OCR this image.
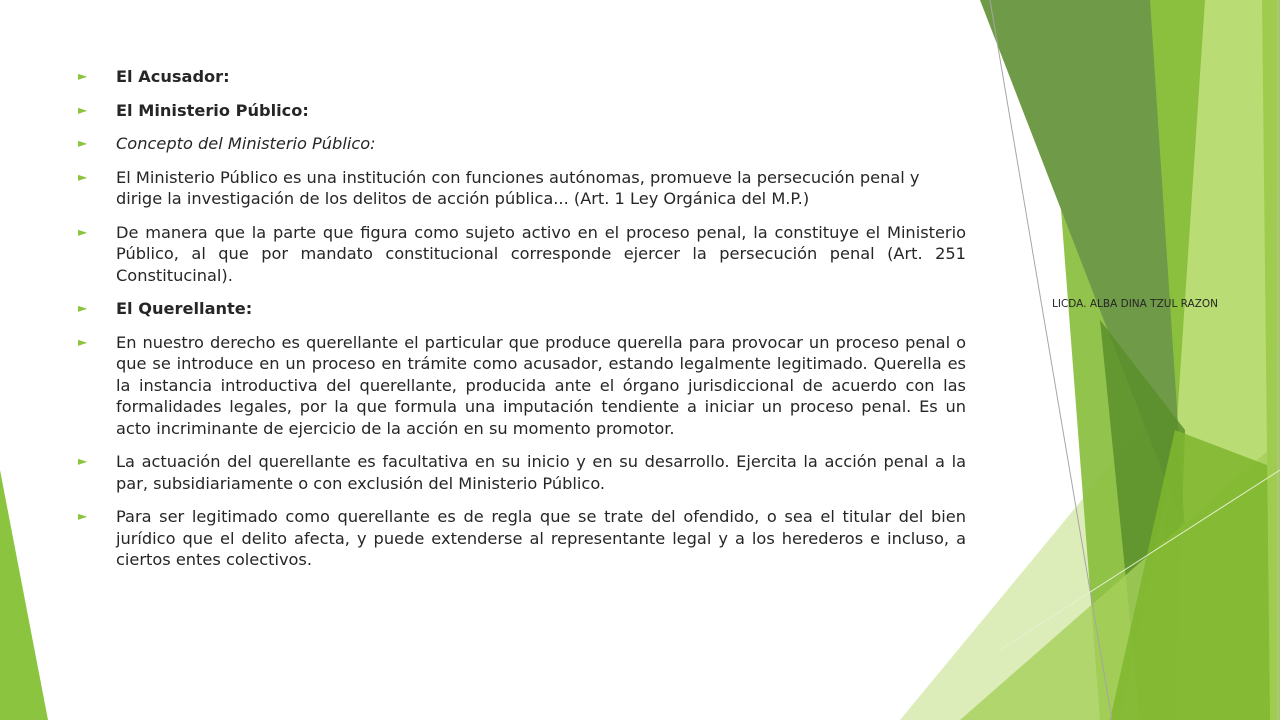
► El Acusador:
► El Ministerio Público:
► Concepto del Ministerio Público:
► El Ministerio Público es una institución con funciones autónomas, promueve la persecución penal y dirige la investigación de los delitos de acción pública... (Art. 1 Ley Orgánica del M.P.)
► De manera que la parte que figura como sujeto activo en el proceso penal, la constituye el Ministerio Público, al que por mandato constitucional corresponde ejercer la persecución penal (Art. 251 Constitucinal).
► El Querellante:
► En nuestro derecho es querellante el particular que produce querella para provocar un proceso penal o que se introduce en un proceso en trámite como acusador, estando legalmente legitimado. Querella es la instancia introductiva del querellante, producida ante el órgano jurisdiccional de acuerdo con las formalidades legales, por la que formula una imputación tendiente a iniciar un proceso penal. Es un acto incriminante de ejercicio de la acción en su momento promotor.
► La actuación del querellante es facultativa en su inicio y en su desarrollo. Ejercita la acción penal a la par, subsidiariamente o con exclusión del Ministerio Público.
► Para ser legitimado como querellante es de regla que se trate del ofendido, o sea el titular del bien jurídico que el delito afecta, y puede extenderse al representante legal y a los herederos e incluso, a ciertos entes colectivos.
LICDA. ALBA DINA TZUL RAZON
